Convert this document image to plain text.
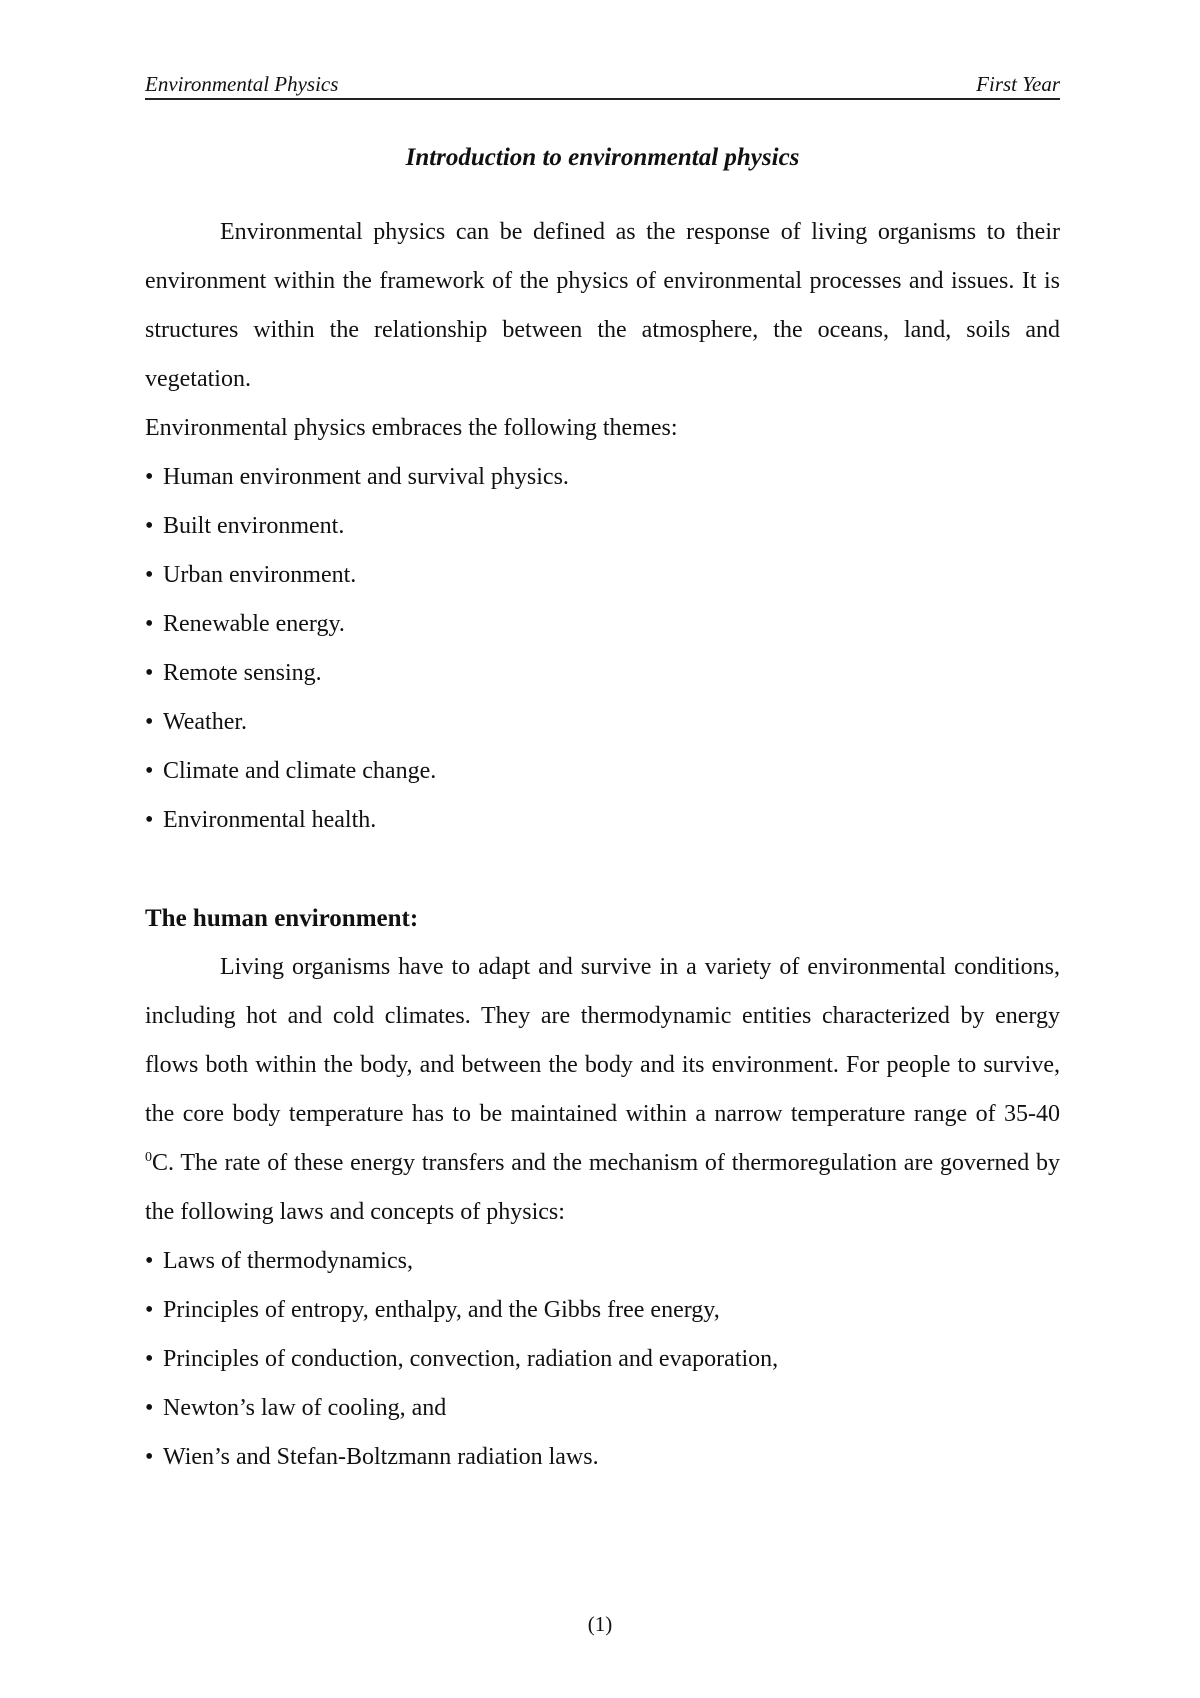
Environmental Physics	First Year
Introduction to environmental physics

Environmental physics can be defined as the response of living organisms to their environment within the framework of the physics of environmental processes and issues. It is structures within the relationship between the atmosphere, the oceans, land, soils and vegetation.

Environmental physics embraces the following themes:

• Human environment and survival physics.
• Built environment.
• Urban environment.
• Renewable energy.
• Remote sensing.
• Weather.
• Climate and climate change.
• Environmental health.

The human environment:

Living organisms have to adapt and survive in a variety of environmental conditions, including hot and cold climates. They are thermodynamic entities characterized by energy flows both within the body, and between the body and its environment. For people to survive, the core body temperature has to be maintained within a narrow temperature range of 35-40 $^0$C. The rate of these energy transfers and the mechanism of thermoregulation are governed by the following laws and concepts of physics:

• Laws of thermodynamics,
• Principles of entropy, enthalpy, and the Gibbs free energy,
• Principles of conduction, convection, radiation and evaporation,
• Newton’s law of cooling, and
• Wien’s and Stefan-Boltzmann radiation laws.
(1)
